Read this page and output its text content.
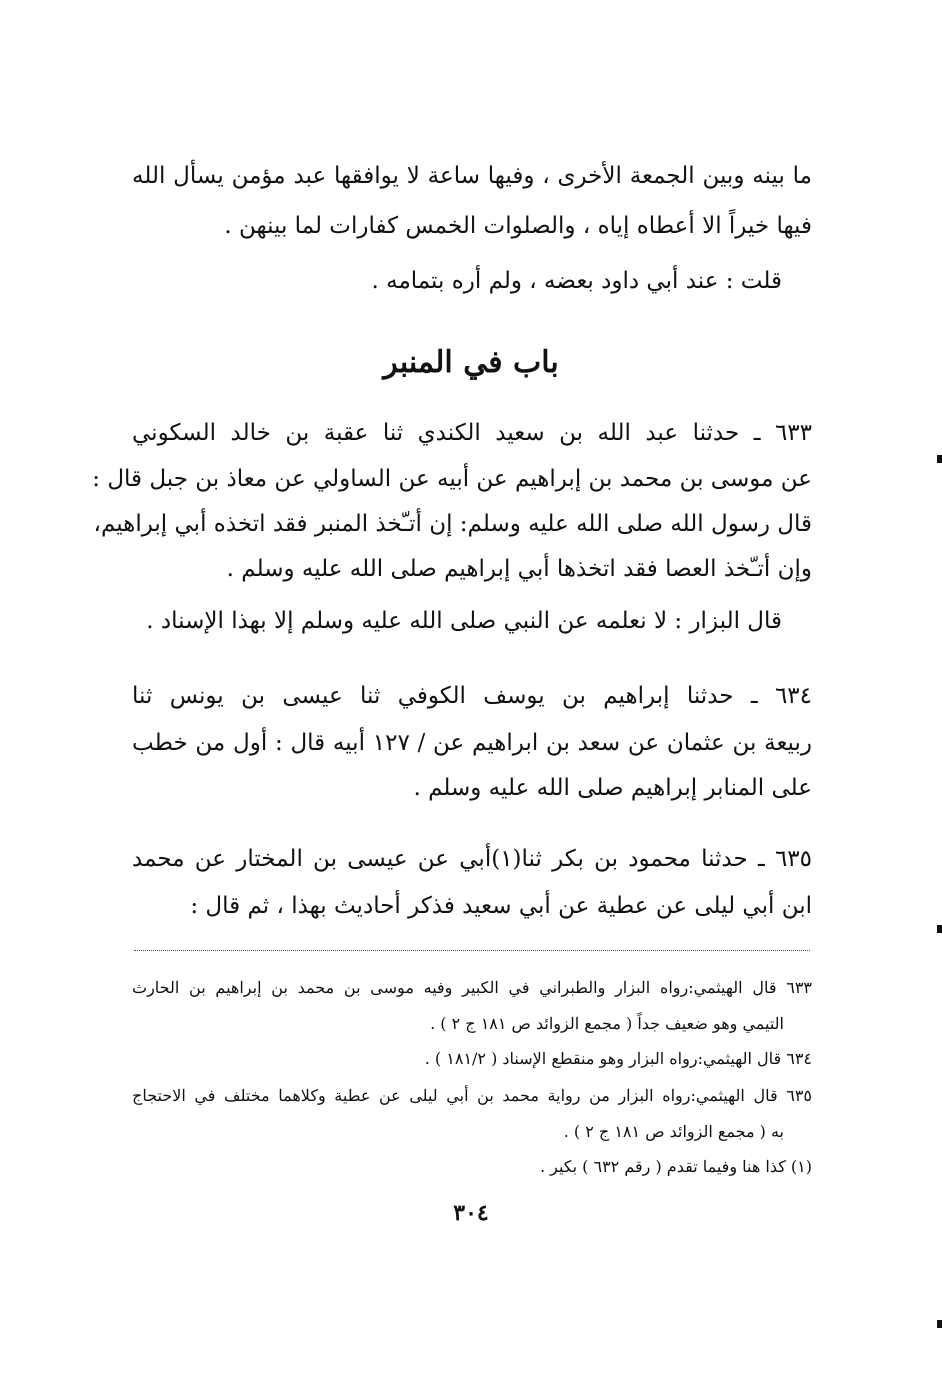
ما بينه وبين الجمعة الأخرى ، وفيها ساعة لا يوافقها عبد مؤمن يسأل الله
فيها خيراً الا أعطاه إياه ، والصلوات الخمس كفارات لما بينهن .
قلت : عند أبي داود بعضه ، ولم أره بتمامه .
باب في المنبر
٦٣٣ ـ حدثنا عبد الله بن سعيد الكندي ثنا عقبة بن خالد السكوني
عن موسى بن محمد بن إبراهيم عن أبيه عن الساولي عن معاذ بن جبل قال :
قال رسول الله صلى الله عليه وسلم: إن أتـّخذ المنبر فقد اتخذه أبي إبراهيم،
وإن أتـّخذ العصا فقد اتخذها أبي إبراهيم صلى الله عليه وسلم .
قال البزار : لا نعلمه عن النبي صلى الله عليه وسلم إلا بهذا الإسناد .
٦٣٤ ـ حدثنا إبراهيم بن يوسف الكوفي ثنا عيسى بن يونس ثنا
ربيعة بن عثمان عن سعد بن ابراهيم عن / ١٢٧ أبيه قال : أول من خطب
على المنابر إبراهيم صلى الله عليه وسلم .
٦٣٥ ـ حدثنا محمود بن بكر ثنا(١)أبي عن عيسى بن المختار عن محمد
ابن أبي ليلى عن عطية عن أبي سعيد فذكر أحاديث بهذا ، ثم قال :
٦٣٣ قال الهيثمي:رواه البزار والطبراني في الكبير وفيه موسى بن محمد بن إبراهيم بن الحارث
التيمي وهو ضعيف جداً ( مجمع الزوائد ص ١٨١ ج ٢ ) .
٦٣٤ قال الهيثمي:رواه البزار وهو منقطع الإسناد ( ١٨١/٢ ) .
٦٣٥ قال الهيثمي:رواه البزار من رواية محمد بن أبي ليلى عن عطية وكلاهما مختلف في الاحتجاج
به ( مجمع الزوائد ص ١٨١ ج ٢ ) .
(١) كذا هنا وفيما تقدم ( رقم ٦٣٢ ) بكير .
٣٠٤
